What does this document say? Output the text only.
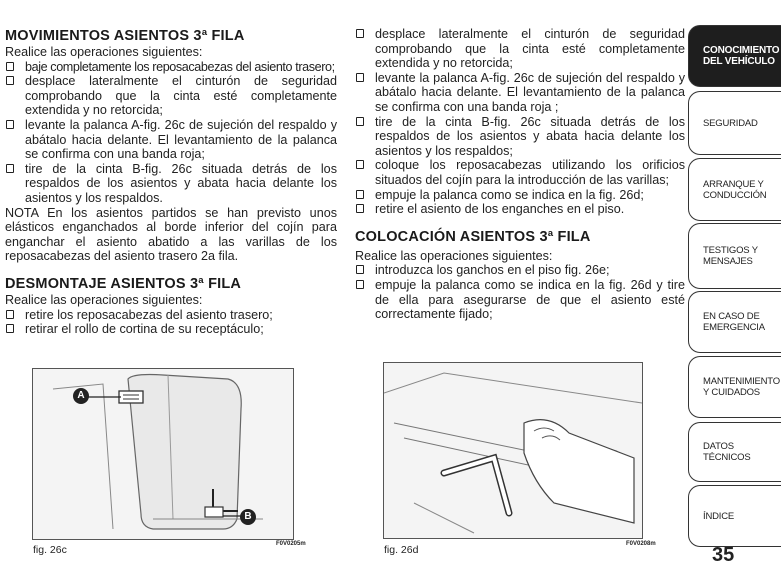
MOVIMIENTOS ASIENTOS 3ª FILA

Realice las operaciones siguientes:

baje completamente los reposacabezas del asiento trasero;
desplace lateralmente el cinturón de seguridad comprobando que la cinta esté completamente extendida y no retorcida;
levante la palanca A-fig. 26c de sujeción del respaldo y abátalo hacia delante. El levantamiento de la palanca se confirma con una banda roja;
tire de la cinta B-fig. 26c situada detrás de los respaldos de los asientos y abata hacia delante los asientos y los respaldos.

NOTA En los asientos partidos se han previsto unos elásticos enganchados al borde inferior del cojín para enganchar el asiento abatido a las varillas de los reposacabezas del asiento trasero 2a fila.

DESMONTAJE ASIENTOS 3ª FILA

Realice las operaciones siguientes:

retire los reposacabezas del asiento trasero;
retirar el rollo de cortina de su receptáculo;
A
B
fig. 26c	F0V0205m
desplace lateralmente el cinturón de seguridad comprobando que la cinta esté completamente extendida y no retorcida;
levante la palanca A-fig. 26c de sujeción del respaldo y abátalo hacia delante. El levantamiento de la palanca se confirma con una banda roja ;
tire de la cinta B-fig. 26c situada detrás de los respaldos de los asientos y abata hacia delante los asientos y los respaldos;
coloque los reposacabezas utilizando los orificios situados del cojín para la introducción de las varillas;
empuje la palanca como se indica en la fig. 26d;
retire el asiento de los enganches en el piso.
COLOCACIÓN ASIENTOS 3ª FILA

Realice las operaciones siguientes:

introduzca los ganchos en el piso fig. 26e;
empuje la palanca como se indica en la fig. 26d y tire de ella para asegurarse de que el asiento esté correctamente fijado;
fig. 26d	F0V0208m
CONOCIMIENTO DEL VEHÍCULO
SEGURIDAD
ARRANQUE Y CONDUCCIÓN
TESTIGOS Y MENSAJES
EN CASO DE EMERGENCIA
MANTENIMIENTO Y CUIDADOS
DATOS TÉCNICOS
ÍNDICE
35
